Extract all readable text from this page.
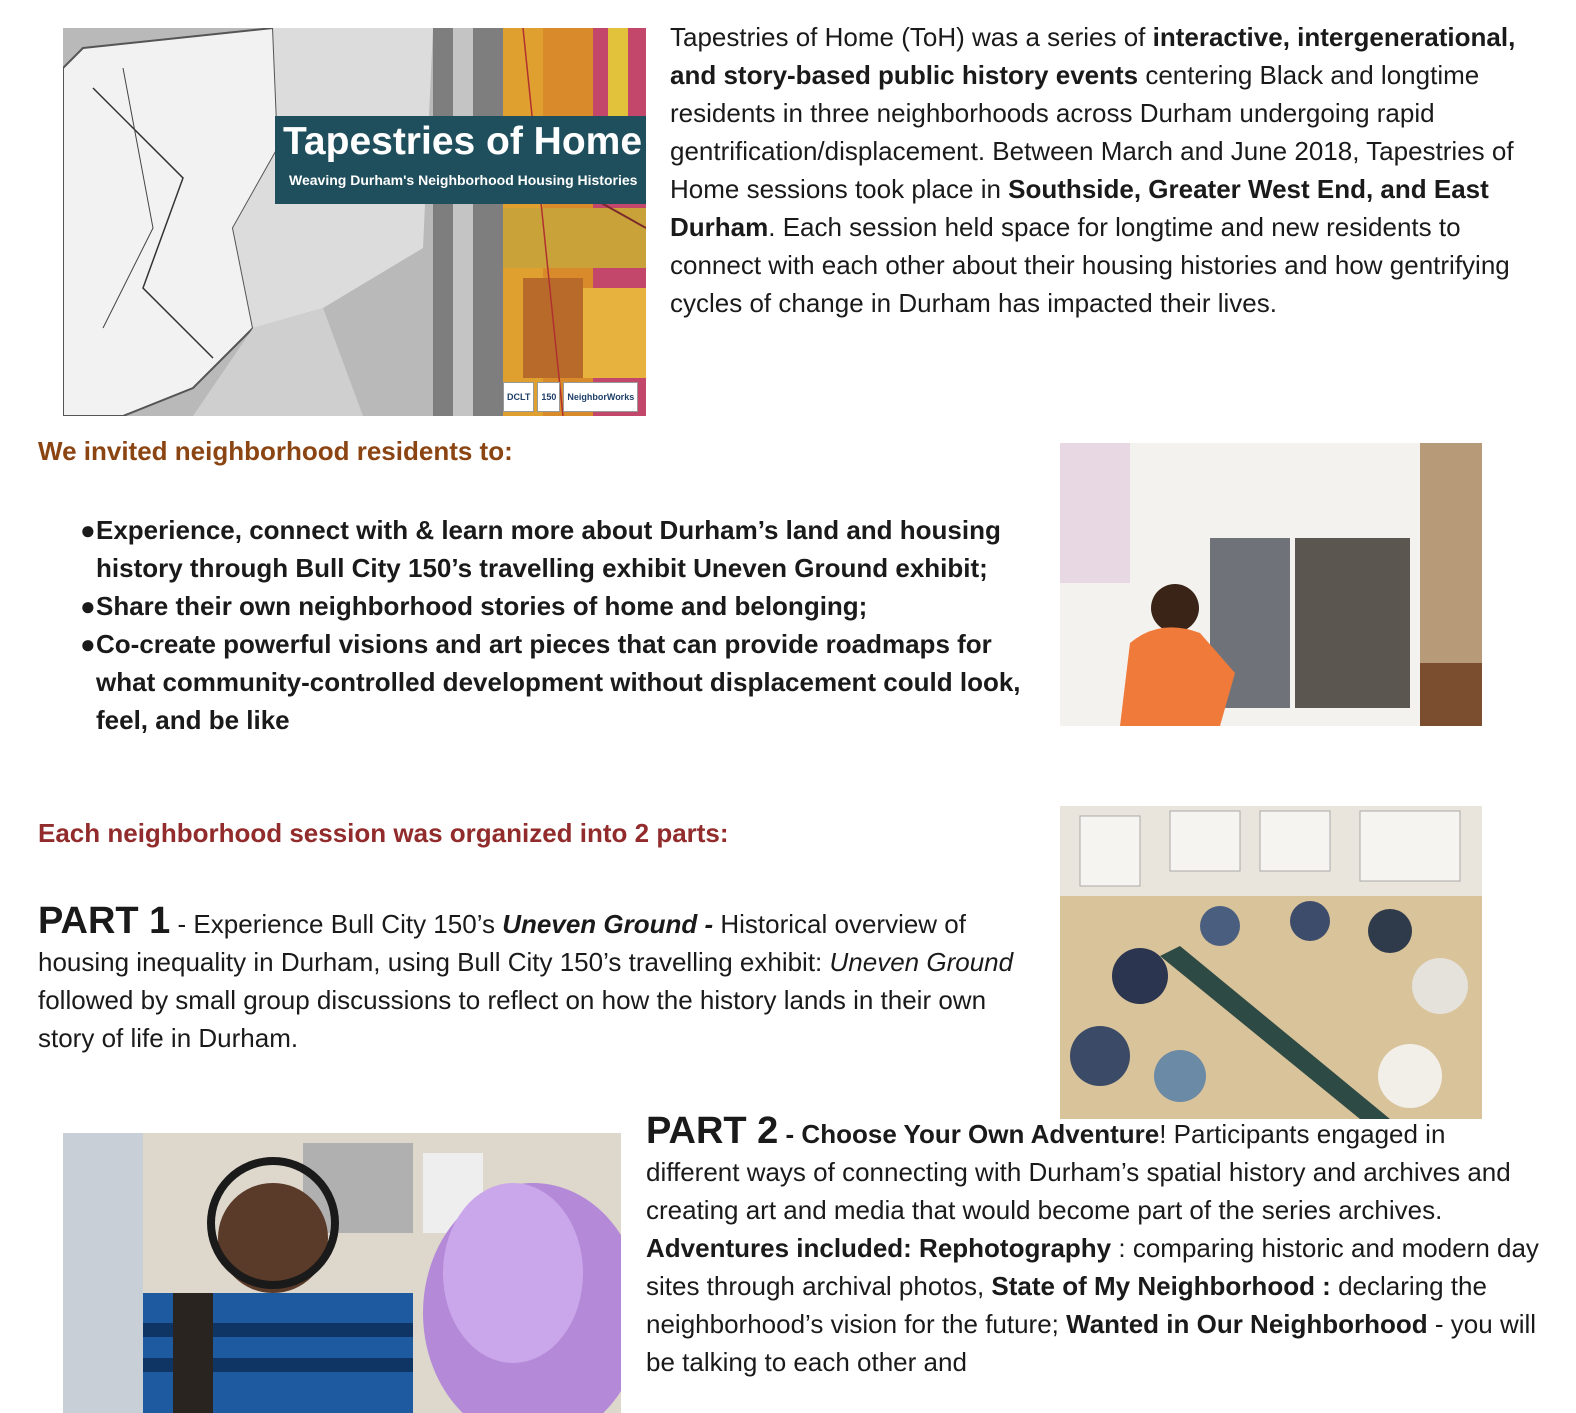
Tapestries of Home
Weaving Durham's Neighborhood Housing Histories
DCLT	150	NeighborWorks
Tapestries of Home (ToH) was a series of interactive, intergenerational, and story-based public history events centering Black and longtime residents in three neighborhoods across Durham undergoing rapid gentrification/displacement. Between March and June 2018, Tapestries of Home sessions took place in Southside, Greater West End, and East Durham. Each session held space for longtime and new residents to connect with each other about their housing histories and how gentrifying cycles of change in Durham has impacted their lives.
We invited neighborhood residents to:
● Experience, connect with & learn more about Durham’s land and housing history through Bull City 150’s travelling exhibit Uneven Ground exhibit;
● Share their own neighborhood stories of home and belonging;
● Co-create powerful visions and art pieces that can provide roadmaps for what community-controlled development without displacement could look, feel, and be like
Each neighborhood session was organized into 2 parts:
PART 1 - Experience Bull City 150’s Uneven Ground - Historical overview of housing inequality in Durham, using Bull City 150’s travelling exhibit: Uneven Ground followed by small group discussions to reflect on how the history lands in their own story of life in Durham.
PART 2 - Choose Your Own Adventure! Participants engaged in different ways of connecting with Durham’s spatial history and archives and creating art and media that would become part of the series archives. Adventures included: Rephotography : comparing historic and modern day sites through archival photos, State of My Neighborhood : declaring the neighborhood’s vision for the future; Wanted in Our Neighborhood - you will be talking to each other and
